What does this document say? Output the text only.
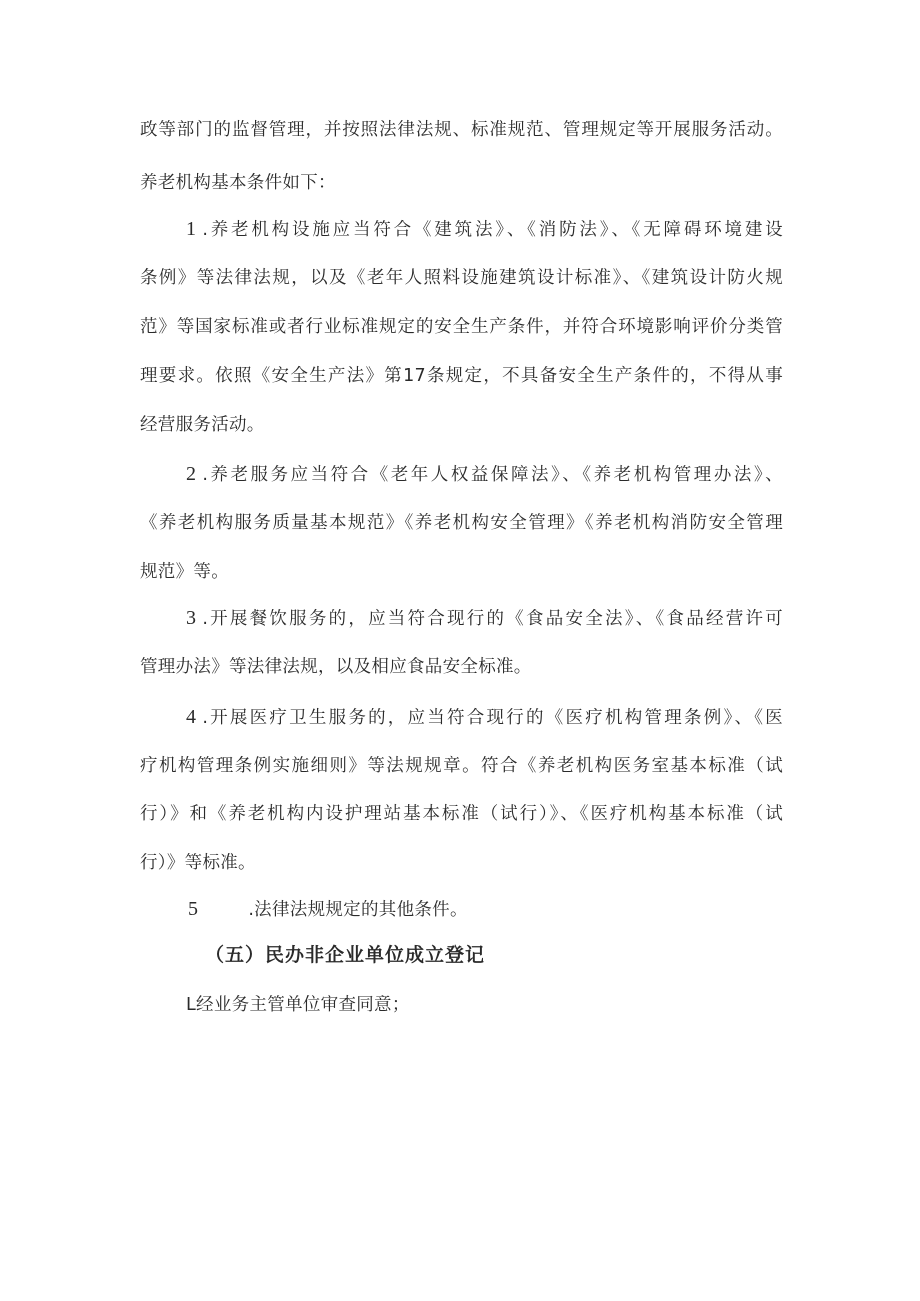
政等部门的监督管理，并按照法律法规、标准规范、管理规定等开展服务活动。
养老机构基本条件如下：
1 .养老机构设施应当符合《建筑法》、《消防法》、《无障碍环境建设
条例》等法律法规，以及《老年人照料设施建筑设计标准》、《建筑设计防火规
范》等国家标准或者行业标准规定的安全生产条件，并符合环境影响评价分类管
理要求。依照《安全生产法》第17条规定，不具备安全生产条件的，不得从事
经营服务活动。
2 .养老服务应当符合《老年人权益保障法》、《养老机构管理办法》、
《养老机构服务质量基本规范》《养老机构安全管理》《养老机构消防安全管理
规范》等。
3 .开展餐饮服务的，应当符合现行的《食品安全法》、《食品经营许可
管理办法》等法律法规，以及相应食品安全标准。
4 .开展医疗卫生服务的，应当符合现行的《医疗机构管理条例》、《医
疗机构管理条例实施细则》等法规规章。符合《养老机构医务室基本标准（试
行）》和《养老机构内设护理站基本标准（试行）》、《医疗机构基本标准（试
行）》等标准。
5	.法律法规规定的其他条件。
（五）民办非企业单位成立登记
L经业务主管单位审查同意；
